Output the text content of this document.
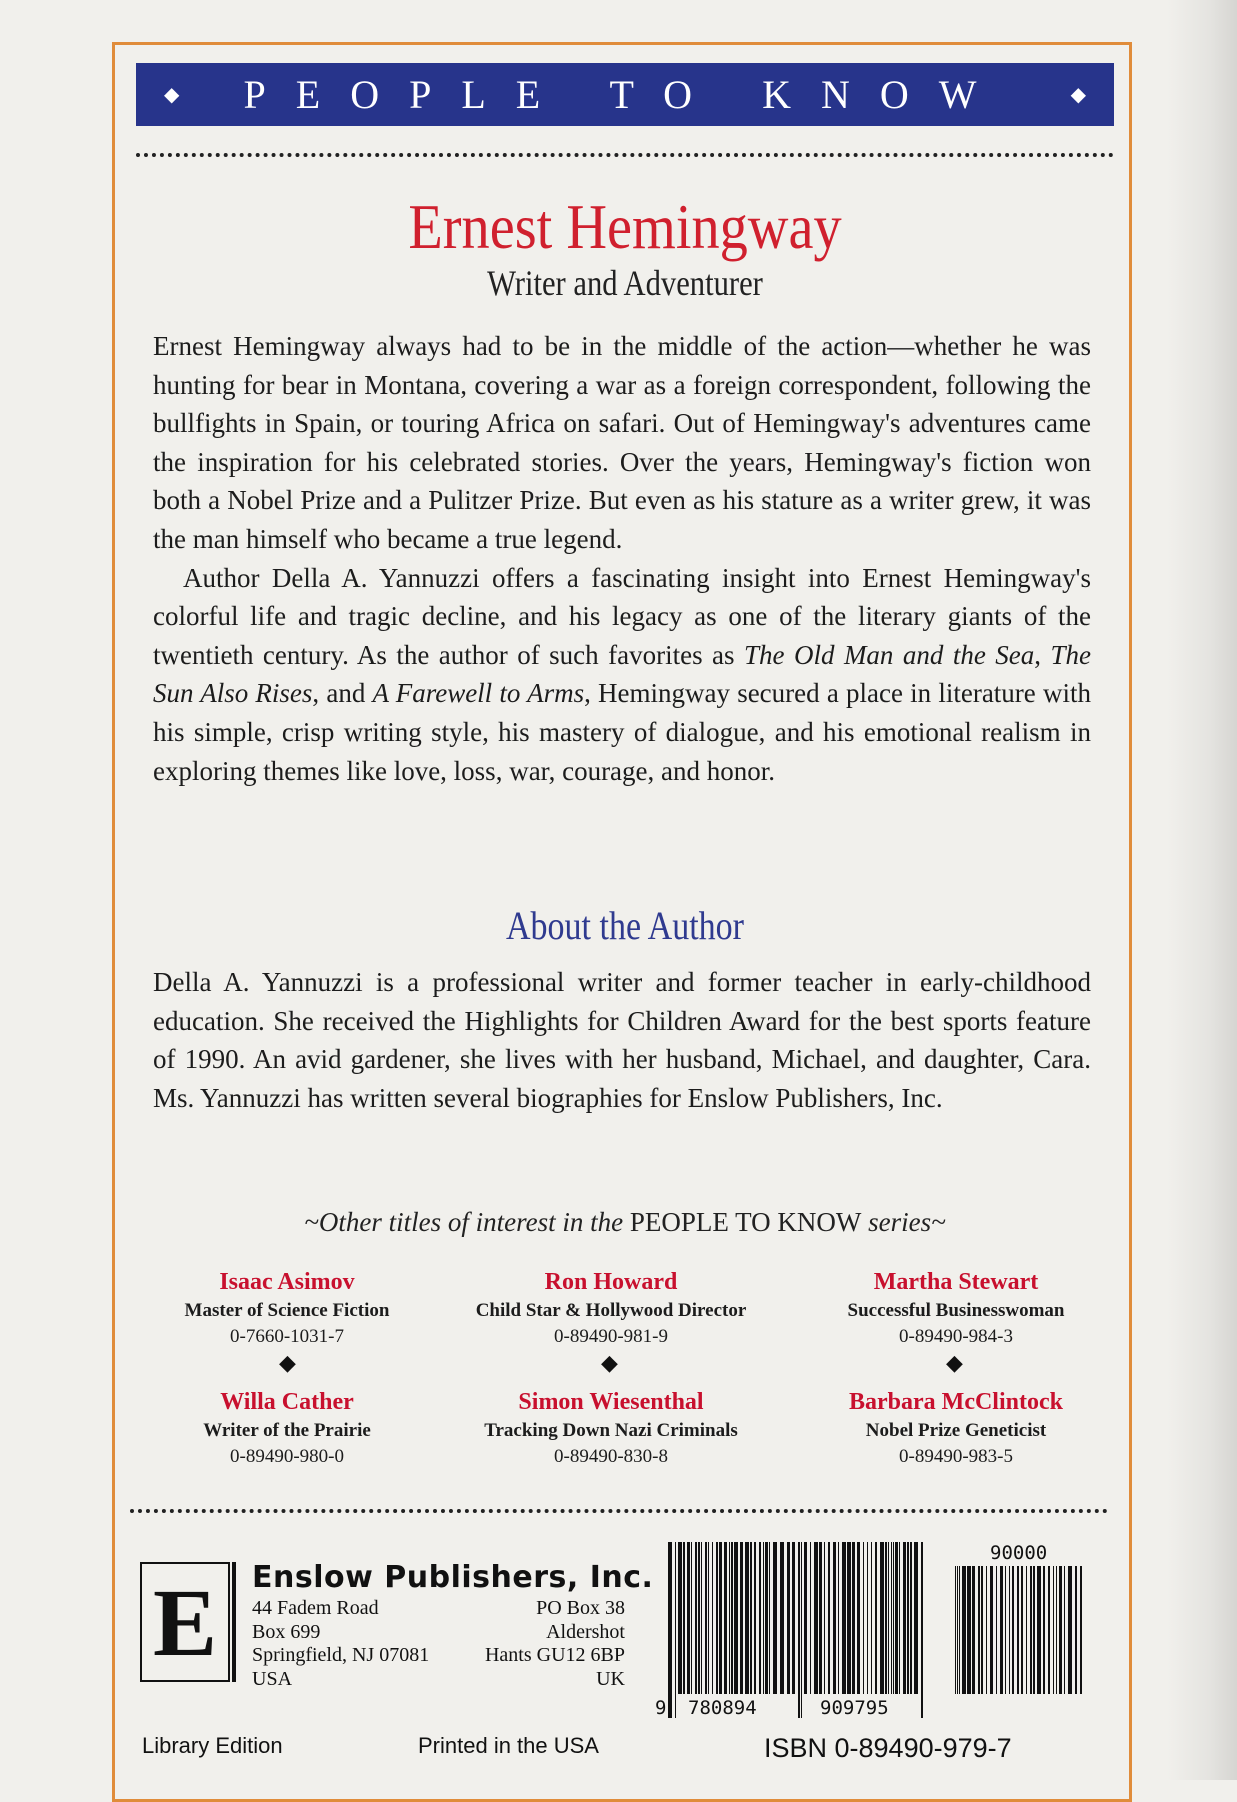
◆ PEOPLE TO KNOW	◆
Ernest Hemingway
Writer and Adventurer

Ernest Hemingway always had to be in the middle of the action—whether he was hunting for bear in Montana, covering a war as a foreign correspondent, following the bullfights in Spain, or touring Africa on safari. Out of Hemingway's adventures came the inspiration for his celebrated stories. Over the years, Hemingway's fiction won both a Nobel Prize and a Pulitzer Prize. But even as his stature as a writer grew, it was the man himself who became a true legend.

Author Della A. Yannuzzi offers a fascinating insight into Ernest Hemingway's colorful life and tragic decline, and his legacy as one of the literary giants of the twentieth century. As the author of such favorites as The Old Man and the Sea, The Sun Also Rises, and A Farewell to Arms, Hemingway secured a place in literature with his simple, crisp writing style, his mastery of dialogue, and his emotional realism in exploring themes like love, loss, war, courage, and honor.

About the Author

Della A. Yannuzzi is a professional writer and former teacher in early-childhood education. She received the Highlights for Children Award for the best sports feature of 1990. An avid gardener, she lives with her husband, Michael, and daughter, Cara. Ms. Yannuzzi has written several biographies for Enslow Publishers, Inc.

~Other titles of interest in the PEOPLE TO KNOW series~
Isaac Asimov
Master of Science Fiction
0-7660-1031-7
Ron Howard
Child Star & Hollywood Director
0-89490-981-9
Martha Stewart
Successful Businesswoman
0-89490-984-3
◆	◆	◆
Willa Cather
Writer of the Prairie
0-89490-980-0
Simon Wiesenthal
Tracking Down Nazi Criminals
0-89490-830-8
Barbara McClintock
Nobel Prize Geneticist
0-89490-983-5
E	Enslow Publishers, Inc.
44 Fadem Road
Box 699
Springfield, NJ 07081
USA
PO Box 38
Aldershot
Hants GU12 6BP
UK
90000
9 780894	909795
ISBN 0-89490-979-7
Library Edition	Printed in the USA
